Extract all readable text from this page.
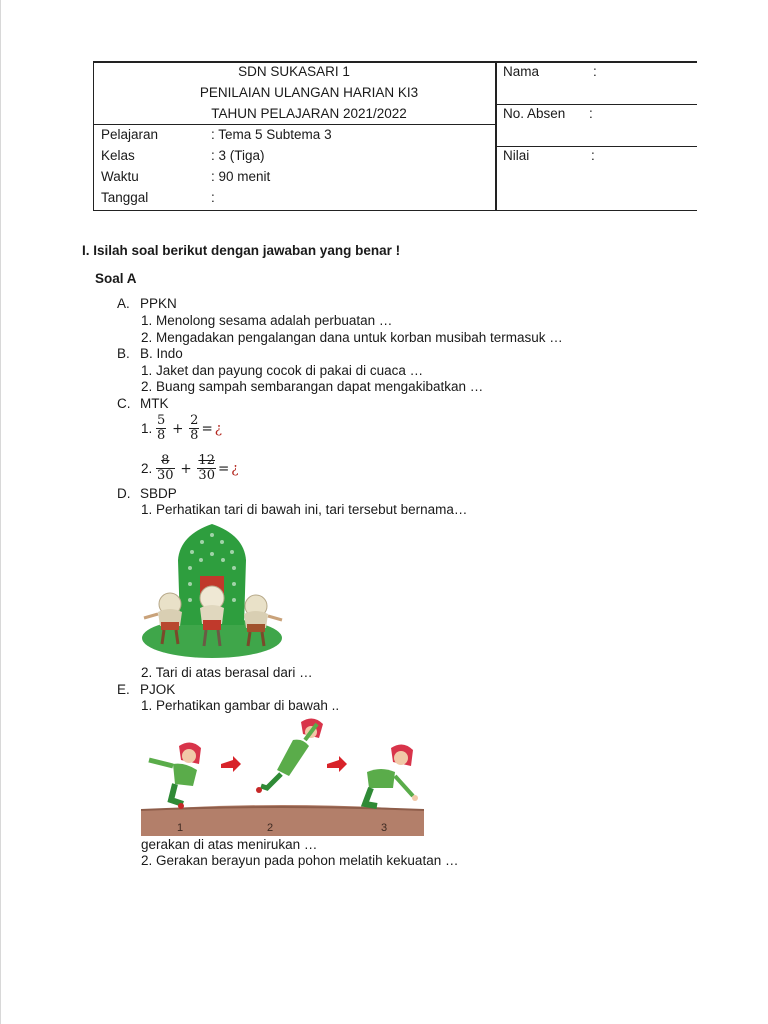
SDN SUKASARI 1
PENILAIAN ULANGAN HARIAN KI3
TAHUN PELAJARAN 2021/2022
Pelajaran	: Tema 5 Subtema 3
Kelas	: 3 (Tiga)
Waktu	: 90 menit
Tanggal	:
Nama	:
No. Absen :
Nilai	:
I. Isilah soal berikut dengan jawaban yang benar !
Soal A
A. PPKN
1. Menolong sesama adalah perbuatan …
2. Mengadakan pengalangan dana untuk korban musibah termasuk …
B. B. Indo
1. Jaket dan payung cocok di pakai di cuaca …
2. Buang sampah sembarangan dapat mengakibatkan …
C. MTK
1. $\frac{5}{8} + \frac{2}{8}$ = ¿
2. $\frac{8}{30} + \frac{12}{30}$ = ¿
D. SBDP
1. Perhatikan tari di bawah ini, tari tersebut bernama…
2. Tari di atas berasal dari …
E. PJOK
1. Perhatikan gambar di bawah ..
1	2	3
gerakan di atas menirukan …
2. Gerakan berayun pada pohon melatih kekuatan …
